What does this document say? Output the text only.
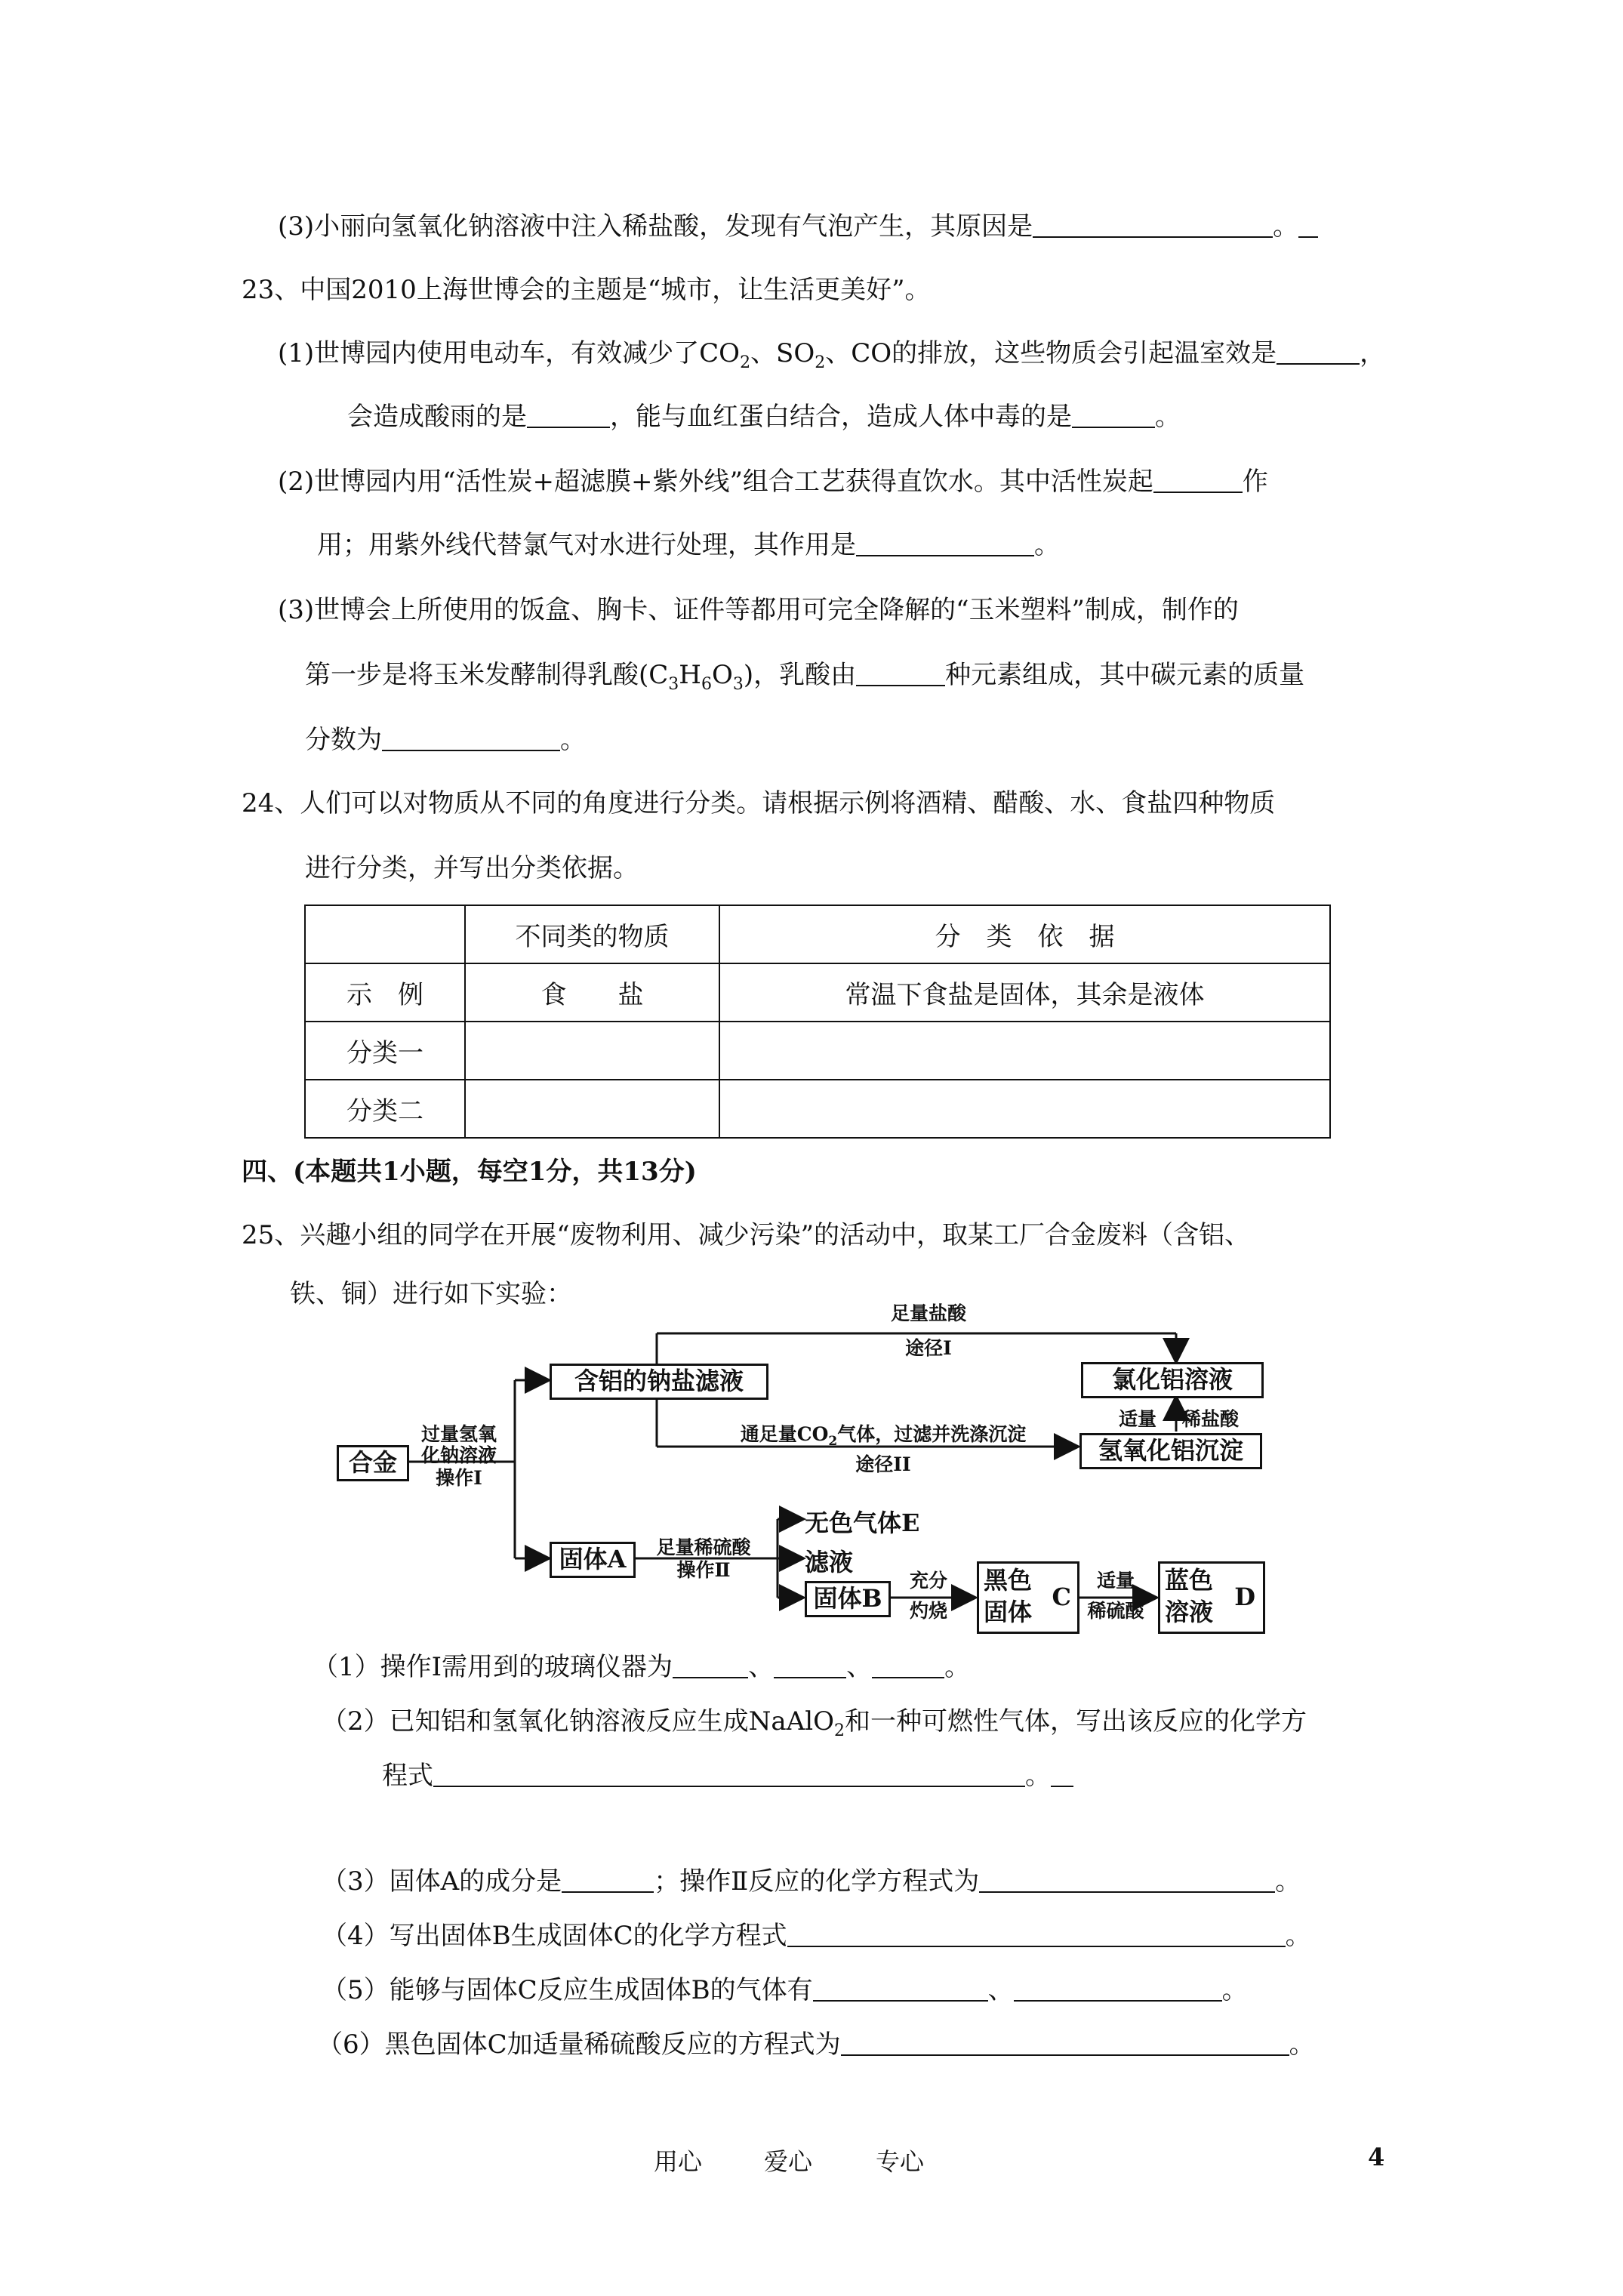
(3)小丽向氢氧化钠溶液中注入稀盐酸，发现有气泡产生，其原因是	。
23、中国2010上海世博会的主题是“城市，让生活更美好”。
(1)世博园内使用电动车，有效减少了$CO_2$、$SO_2$、CO的排放，这些物质会引起温室效是	，
会造成酸雨的是	，能与血红蛋白结合，造成人体中毒的是	。
(2)世博园内用“活性炭+超滤膜+紫外线”组合工艺获得直饮水。其中活性炭起	作
用；用紫外线代替氯气对水进行处理，其作用是	。
(3)世博会上所使用的饭盒、胸卡、证件等都用可完全降解的“玉米塑料”制成，制作的
第一步是将玉米发酵制得乳酸$(C_3H_6O_3)$，乳酸由	种元素组成，其中碳元素的质量
分数为	。
24、人们可以对物质从不同的角度进行分类。请根据示例将酒精、醋酸、水、食盐四种物质
进行分类，并写出分类依据。
	不同类的物质	分　类　依　据
示　例	食　　盐	常温下食盐是固体，其余是液体
分类一		
分类二		
四、(本题共1小题，每空1分，共13分)
25、兴趣小组的同学在开展“废物利用、减少污染”的活动中，取某工厂合金废料（含铝、
铁、铜）进行如下实验：
合金
过量氢氧
化钠溶液
操作I
含铝的钠盐滤液
足量盐酸
途径I
氯化铝溶液
通足量$CO_2$气体，过滤并洗涤沉淀
途径II
适量	稀盐酸
氢氧化铝沉淀
固体A	足量稀硫酸
操作Ⅱ
无色气体E
滤液
固体B
充分
灼烧
黑色
固体
C
适量
稀硫酸
蓝色
溶液
D
（1）操作Ⅰ需用到的玻璃仪器为	、	、	。
（2）已知铝和氢氧化钠溶液反应生成NaAlO$_2$和一种可燃性气体，写出该反应的化学方
程式	。
（3）固体A的成分是	；操作Ⅱ反应的化学方程式为	。
（4）写出固体B生成固体C的化学方程式	。
（5）能够与固体C反应生成固体B的气体有	、	。
（6）黑色固体C加适量稀硫酸反应的方程式为	。
用心	爱心	专心	4
